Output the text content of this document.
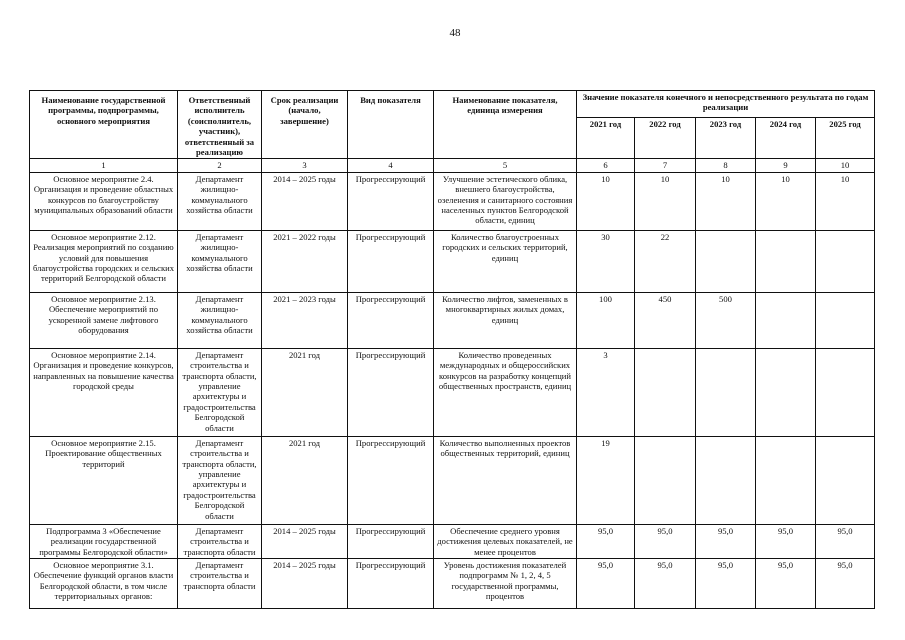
48
Наименование государственной программы, подпрограммы, основного мероприятия	Ответственный исполнитель (соисполнитель, участник), ответственный за реализацию	Срок реализации (начало, завершение)	Вид показателя	Наименование показателя, единица измерения	Значение показателя конечного и непосредственного результата по годам реализации				
					2021 год	2022 год	2023 год	2024 год	2025 год
1	2	3	4	5	6	7	8	9	10
Основное мероприятие 2.4. Организация и проведение областных конкурсов по благоустройству муниципальных образований области	Департамент жилищно-коммунального хозяйства области	2014 – 2025 годы	Прогрессирующий	Улучшение эстетического облика, внешнего благоустройства, озеленения и санитарного состояния населенных пунктов Белгородской области, единиц	10	10	10	10	10
Основное мероприятие 2.12. Реализация мероприятий по созданию условий для повышения благоустройства городских и сельских территорий Белгородской области	Департамент жилищно-коммунального хозяйства области	2021 – 2022 годы	Прогрессирующий	Количество благоустроенных городских и сельских территорий, единиц	30	22			
Основное мероприятие 2.13. Обеспечение мероприятий по ускоренной замене лифтового оборудования	Департамент жилищно-коммунального хозяйства области	2021 – 2023 годы	Прогрессирующий	Количество лифтов, замененных в многоквартирных жилых домах, единиц	100	450	500		
Основное мероприятие 2.14. Организация и проведение конкурсов, направленных на повышение качества городской среды	Департамент строительства и транспорта области, управление архитектуры и градостроительства Белгородской области	2021 год	Прогрессирующий	Количество проведенных международных и общероссийских конкурсов на разработку концепций общественных пространств, единиц	3				
Основное мероприятие 2.15. Проектирование общественных территорий	Департамент строительства и транспорта области, управление архитектуры и градостроительства Белгородской области	2021 год	Прогрессирующий	Количество выполненных проектов общественных территорий, единиц	19				
Подпрограмма 3 «Обеспечение реализации государственной программы Белгородской области»	Департамент строительства и транспорта области	2014 – 2025 годы	Прогрессирующий	Обеспечение среднего уровня достижения целевых показателей, не менее процентов	95,0	95,0	95,0	95,0	95,0
Основное мероприятие 3.1. Обеспечение функций органов власти Белгородской области, в том числе территориальных органов:	Департамент строительства и транспорта области	2014 – 2025 годы	Прогрессирующий	Уровень достижения показателей подпрограмм № 1, 2, 4, 5 государственной программы, процентов	95,0	95,0	95,0	95,0	95,0
